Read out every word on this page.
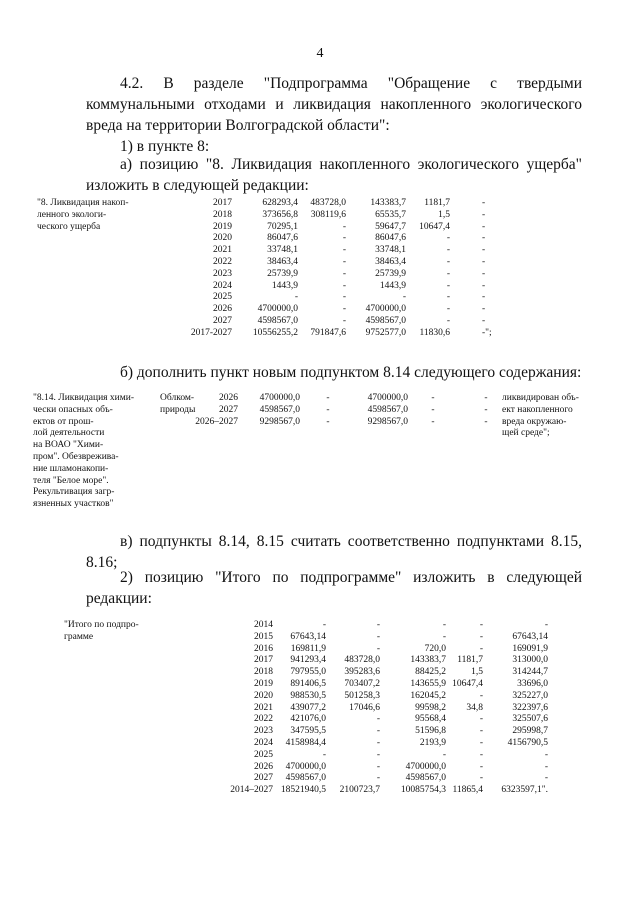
4
4.2. В разделе "Подпрограмма "Обращение с твердыми
коммунальными отходами и ликвидация накопленного экологического
вреда на территории Волгоградской области":
1) в пункте 8:
а) позицию "8. Ликвидация накопленного экологического ущерба"
изложить в следующей редакции:
"8. Ликвидация накоп-
ленного экологи-
ческого ущерба
2017	628293,4 483728,0	143383,7 1181,7	-
2018	373656,8 308119,6	65535,7	1,5	-
2019	70295,1	-	59647,7 10647,4	-
2020	86047,6	-	86047,6	-	-
2021	33748,1	-	33748,1	-	-
2022	38463,4	-	38463,4	-	-
2023	25739,9	-	25739,9	-	-
2024	1443,9	-	1443,9	-	-
2025	-	-	-	-	-
2026	4700000,0	- 4700000,0	-	-
2027	4598567,0	- 4598567,0	-	-
2017-2027 10556255,2 791847,6 9752577,0 11830,6	-";
б) дополнить пункт новым подпунктом 8.14 следующего содержания:
"8.14. Ликвидация хими-
чески опасных объ-
ектов от прош-
лой деятельности
на ВОАО "Хими-
пром". Обезврежива-
ние шламонакопи-
теля "Белое море".
Рекультивация загр-
язненных участков"
Облком-
природы
2026 4700000,0	-	4700000,0	-	-
2027 4598567,0	-	4598567,0	-	-
2026–2027 9298567,0	-	9298567,0	-	-
ликвидирован объ-
ект накопленного
вреда окружаю-
щей среде";
в) подпункты 8.14, 8.15 считать соответственно подпунктами 8.15,
8.16;
2) позицию "Итого по подпрограмме" изложить в следующей
редакции:
"Итого по подпро-
грамме
2014	-	-	-	-	-
2015 67643,14	-	-	-	67643,14
2016 169811,9	-	720,0	-	169091,9
2017 941293,4 483728,0	143383,7 1181,7	313000,0
2018 797955,0 395283,6	88425,2	1,5	314244,7
2019 891406,5 703407,2	143655,9 10647,4	33696,0
2020 988530,5 501258,3	162045,2	-	325227,0
2021 439077,2 17046,6	99598,2 34,8	322397,6
2022 421076,0	-	95568,4	-	325507,6
2023 347595,5	-	51596,8	-	295998,7
2024 4158984,4	-	2193,9	-	4156790,5
2025	-	-	-	-	-
2026 4700000,0	-	4700000,0	-	-
2027 4598567,0	-	4598567,0	-	-
2014–2027 18521940,5 2100723,7 10085754,3 11865,4 6323597,1".
